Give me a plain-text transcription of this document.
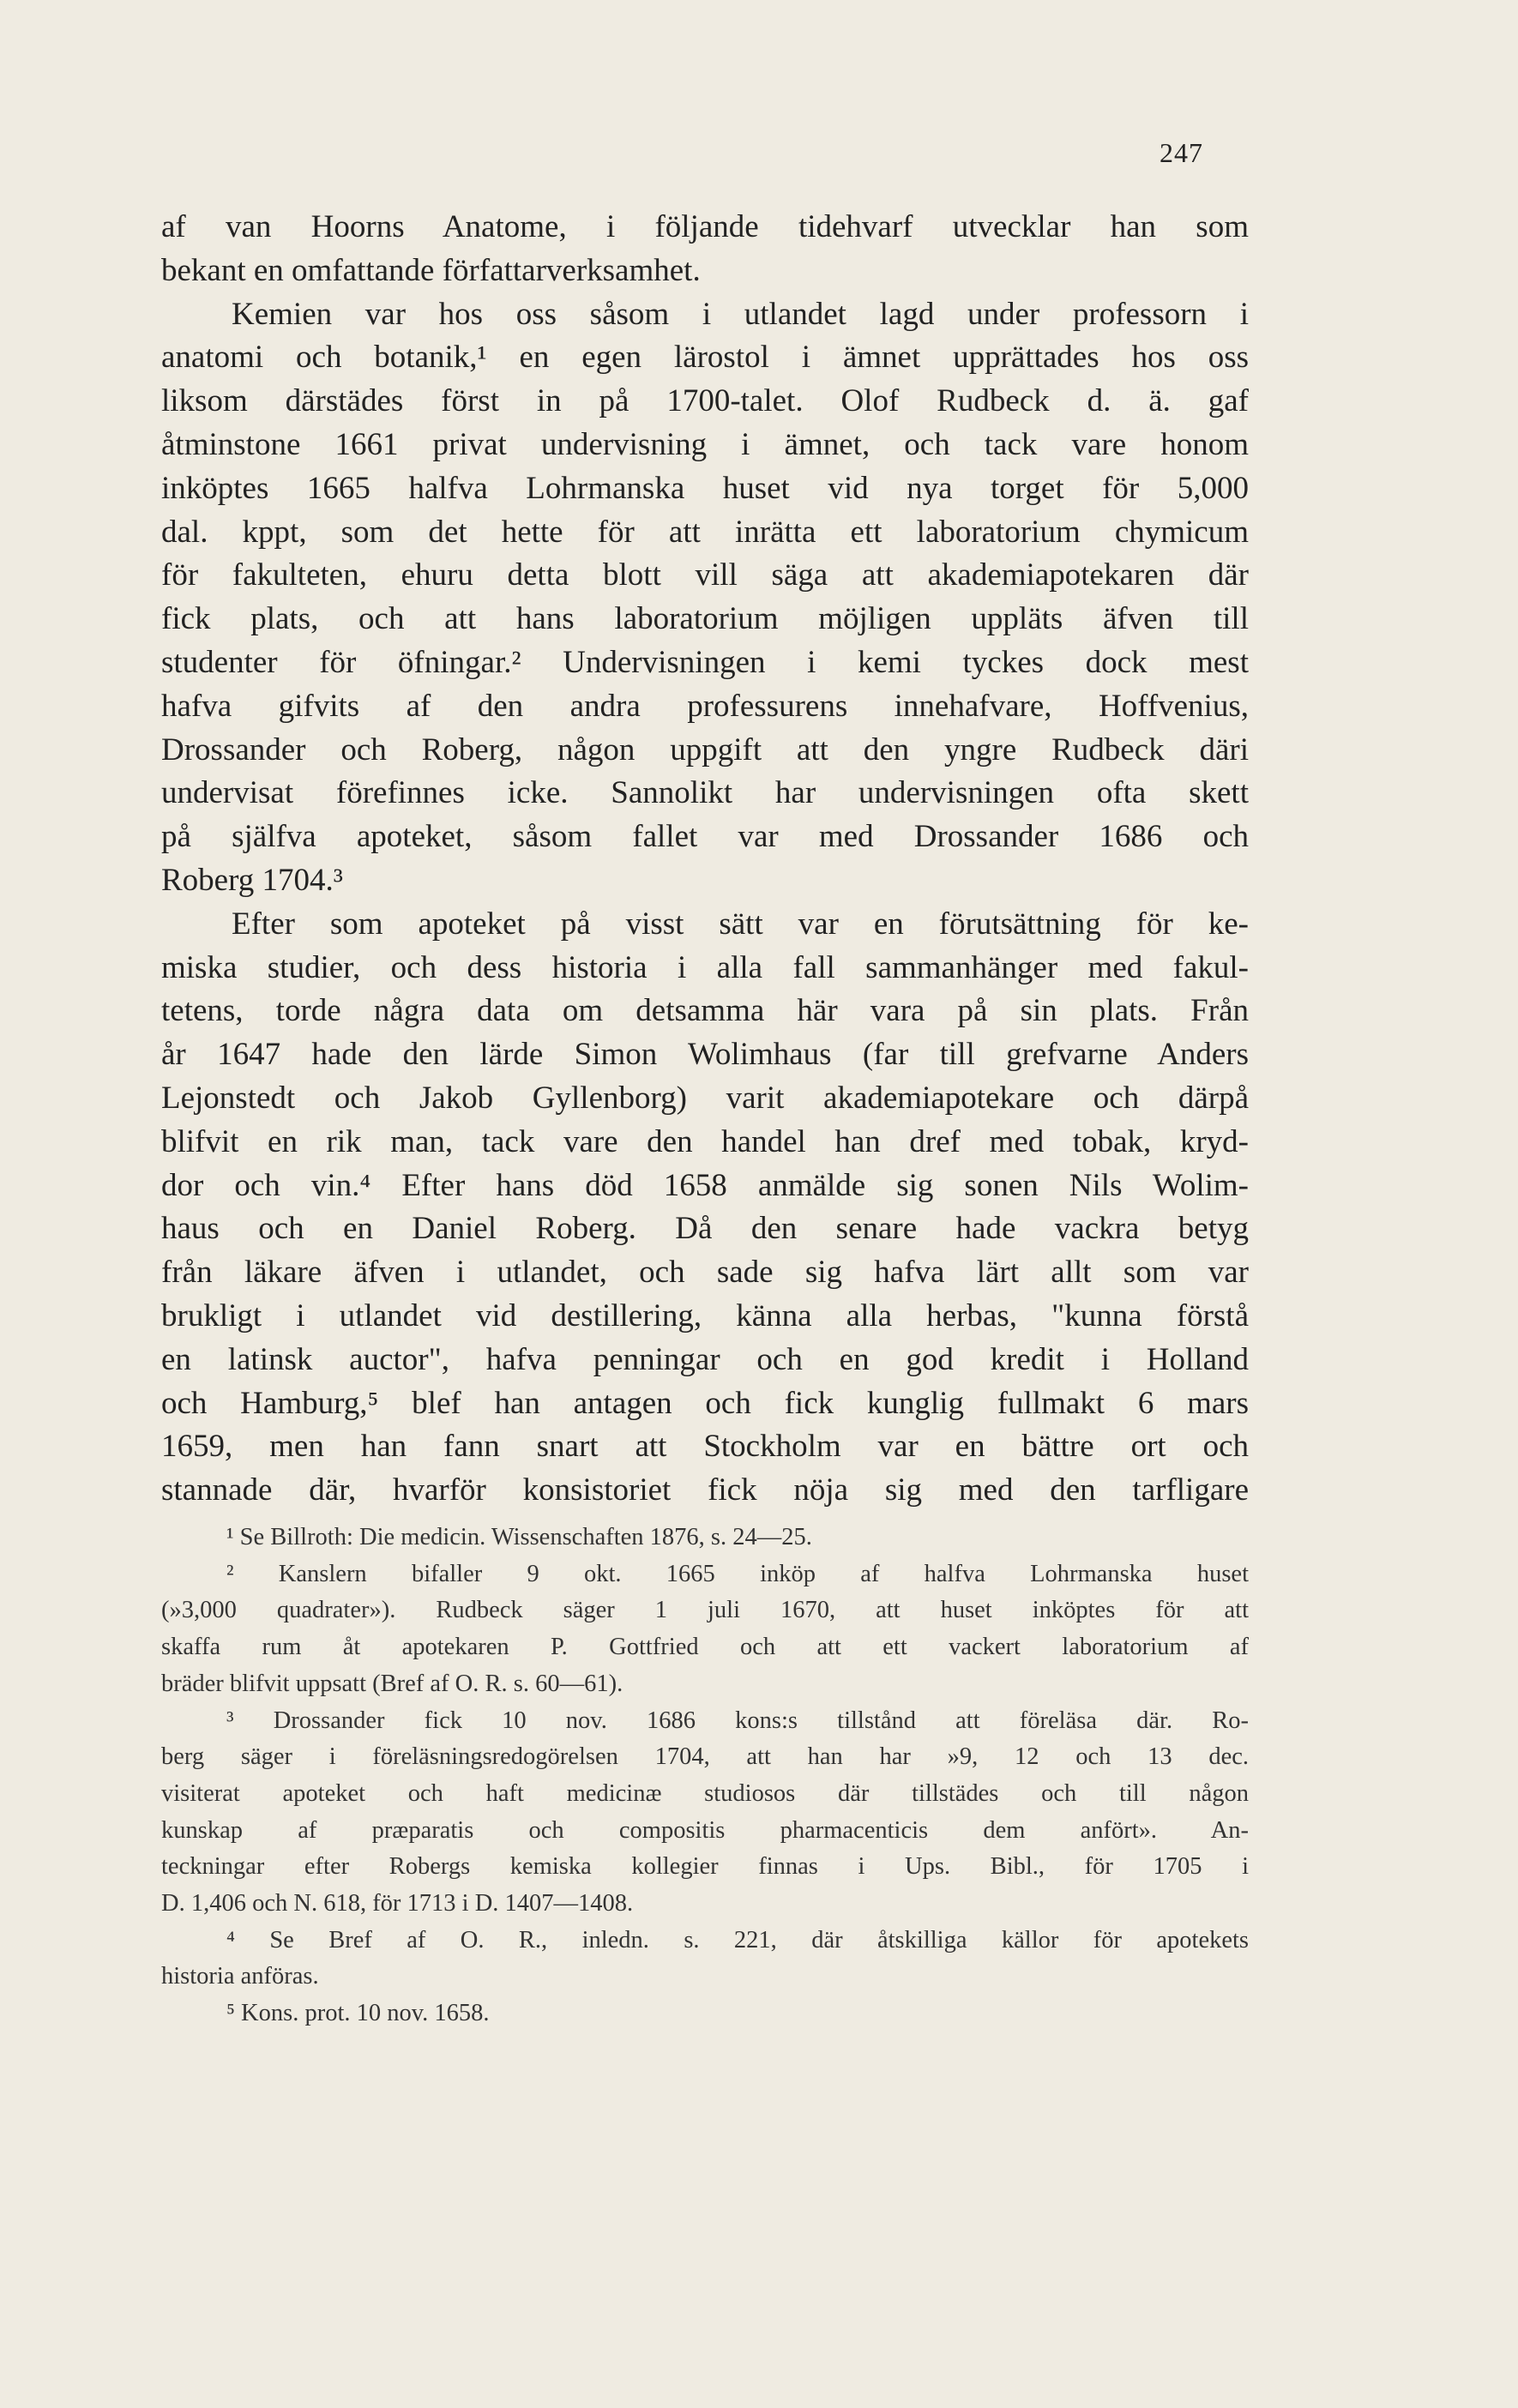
247
af van Hoorns Anatome, i följande tidehvarf utvecklar han som
bekant en omfattande författarverksamhet.
Kemien var hos oss såsom i utlandet lagd under professorn i
anatomi och botanik,¹ en egen lärostol i ämnet upprättades hos oss
liksom därstädes först in på 1700-talet. Olof Rudbeck d. ä. gaf
åtminstone 1661 privat undervisning i ämnet, och tack vare honom
inköptes 1665 halfva Lohrmanska huset vid nya torget för 5,000
dal. kppt, som det hette för att inrätta ett laboratorium chymicum
för fakulteten, ehuru detta blott vill säga att akademiapotekaren där
fick plats, och att hans laboratorium möjligen uppläts äfven till
studenter för öfningar.² Undervisningen i kemi tyckes dock mest
hafva gifvits af den andra professurens innehafvare, Hoffvenius,
Drossander och Roberg, någon uppgift att den yngre Rudbeck däri
undervisat förefinnes icke. Sannolikt har undervisningen ofta skett
på själfva apoteket, såsom fallet var med Drossander 1686 och
Roberg 1704.³
Efter som apoteket på visst sätt var en förutsättning för ke-
miska studier, och dess historia i alla fall sammanhänger med fakul-
tetens, torde några data om detsamma här vara på sin plats. Från
år 1647 hade den lärde Simon Wolimhaus (far till grefvarne Anders
Lejonstedt och Jakob Gyllenborg) varit akademiapotekare och därpå
blifvit en rik man, tack vare den handel han dref med tobak, kryd-
dor och vin.⁴ Efter hans död 1658 anmälde sig sonen Nils Wolim-
haus och en Daniel Roberg. Då den senare hade vackra betyg
från läkare äfven i utlandet, och sade sig hafva lärt allt som var
brukligt i utlandet vid destillering, känna alla herbas, "kunna förstå
en latinsk auctor", hafva penningar och en god kredit i Holland
och Hamburg,⁵ blef han antagen och fick kunglig fullmakt 6 mars
1659, men han fann snart att Stockholm var en bättre ort och
stannade där, hvarför konsistoriet fick nöja sig med den tarfligare
¹ Se Billroth: Die medicin. Wissenschaften 1876, s. 24—25.
² Kanslern bifaller 9 okt. 1665 inköp af halfva Lohrmanska huset
(»3,000 quadrater»). Rudbeck säger 1 juli 1670, att huset inköptes för att
skaffa rum åt apotekaren P. Gottfried och att ett vackert laboratorium af
bräder blifvit uppsatt (Bref af O. R. s. 60—61).
³ Drossander fick 10 nov. 1686 kons:s tillstånd att föreläsa där. Ro-
berg säger i föreläsningsredogörelsen 1704, att han har »9, 12 och 13 dec.
visiterat apoteket och haft medicinæ studiosos där tillstädes och till någon
kunskap af præparatis och compositis pharmacenticis dem anfört». An-
teckningar efter Robergs kemiska kollegier finnas i Ups. Bibl., för 1705 i
D. 1,406 och N. 618, för 1713 i D. 1407—1408.
⁴ Se Bref af O. R., inledn. s. 221, där åtskilliga källor för apotekets
historia anföras.
⁵ Kons. prot. 10 nov. 1658.
